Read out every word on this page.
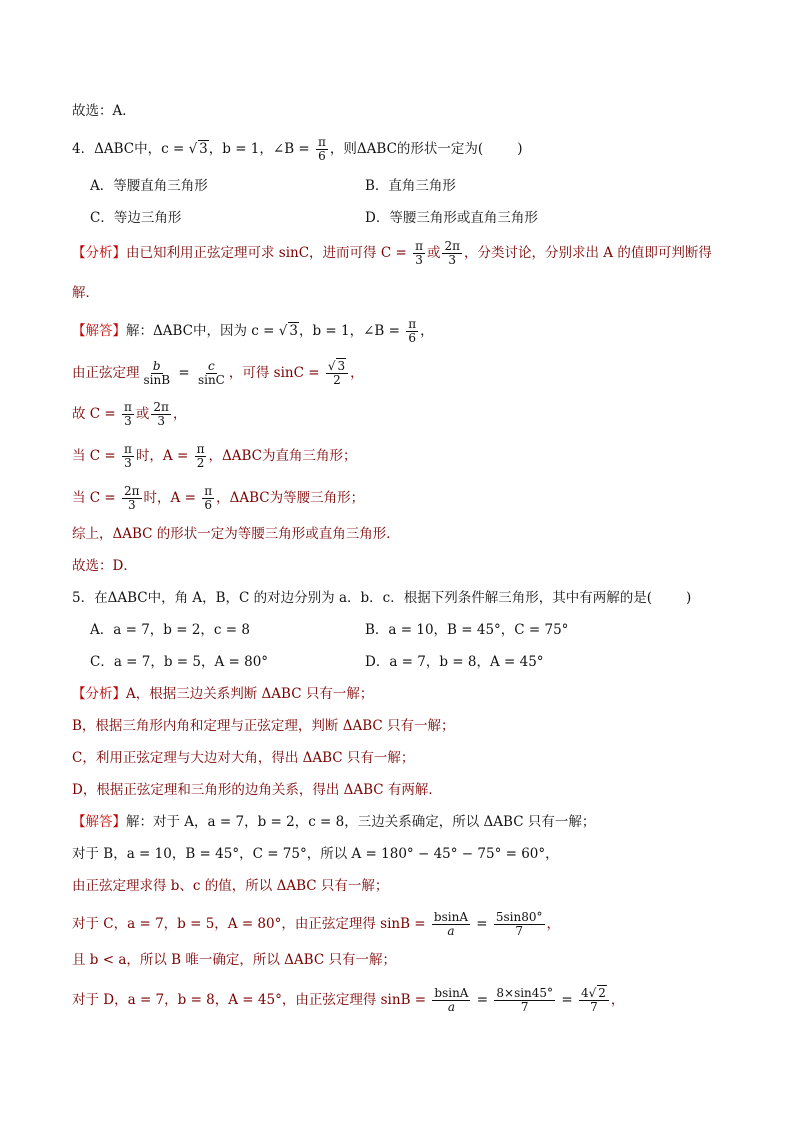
故选：A．
4．ΔABC中，c = √ 3，b = 1，∠B = $\frac{\pi}{6}$ ，则ΔABC的形状一定为(	)
A．等腰直角三角形	B．直角三角形
C．等边三角形	D．等腰三角形或直角三角形
【分析】由已知利用正弦定理可求 sinC，进而可得 $C = \frac{\pi}{3}$ 或 $\frac{2\pi}{3}$ ，分类讨论，分别求出 A 的值即可判断得
解．
【解答】解：ΔABC中，因为 c = √ 3，b = 1，∠B = $\frac{\pi}{6}$ ，
由正弦定理 $\frac{b}{\sin B} = \frac{c}{\sin C}$ ，可得 $\sin C = \frac{√ 3}{2}$ ，
故 $C = \frac{\pi}{3}$ 或 $\frac{2\pi}{3}$ ，
当 $C = \frac{\pi}{3}$ 时，$A = \frac{\pi}{2}$ ，ΔABC为直角三角形；
当 $C = \frac{2\pi}{3}$ 时，$A = \frac{\pi}{6}$ ，ΔABC为等腰三角形；
综上，ΔABC 的形状一定为等腰三角形或直角三角形．
故选：D．
5．在ΔABC中，角 A，B，C 的对边分别为 a．b．c．根据下列条件解三角形，其中有两解的是(	)
A．a = 7，b = 2，c = 8	B．a = 10，B = 45°，C = 75°
C．a = 7，b = 5，A = 80°	D．a = 7，b = 8，A = 45°
【分析】A，根据三边关系判断 ΔABC 只有一解；
B，根据三角形内角和定理与正弦定理，判断 ΔABC 只有一解；
C，利用正弦定理与大边对大角，得出 ΔABC 只有一解；
D，根据正弦定理和三角形的边角关系，得出 ΔABC 有两解．
【解答】解：对于 A，a = 7，b = 2，c = 8，三边关系确定，所以 ΔABC 只有一解；
对于 B，a = 10，B = 45°，C = 75°，所以 A = 180° − 45° − 75° = 60°，
由正弦定理求得 b、c 的值，所以 ΔABC 只有一解；
对于 C，a = 7，b = 5，A = 80°，由正弦定理得 $\sin B = \frac{bsinA}{a} = \frac{5\sin 80^\circ}{7}$ ，
且 b < a，所以 B 唯一确定，所以 ΔABC 只有一解；
对于 D，a = 7，b = 8，A = 45°，由正弦定理得 $\sin B = \frac{bsinA}{a} = \frac{8\times\sin 45^\circ}{7} = \frac{4√ 2}{7}$ ，
